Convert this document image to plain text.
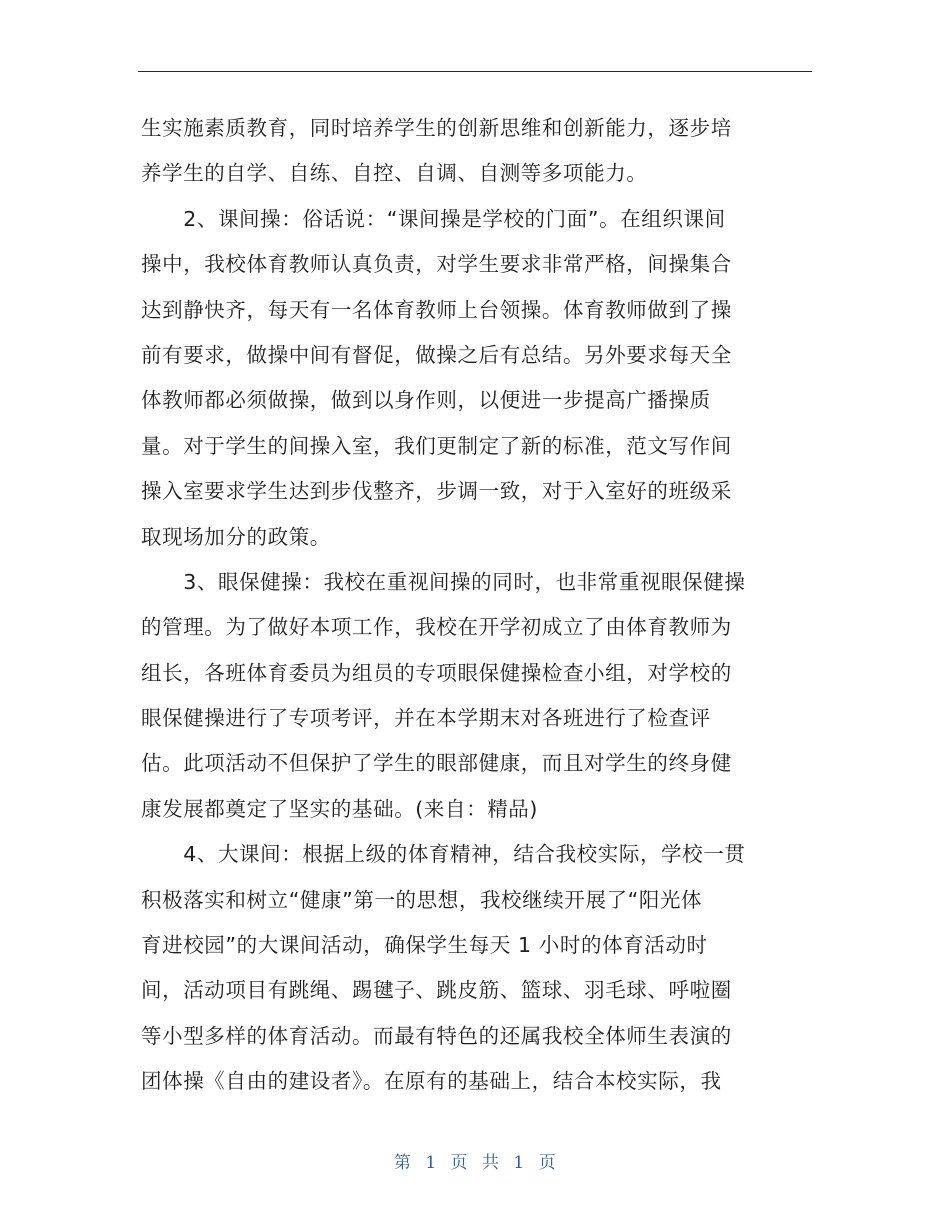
生实施素质教育，同时培养学生的创新思维和创新能力，逐步培
养学生的自学、自练、自控、自调、自测等多项能力。
　　2、课间操：俗话说：“课间操是学校的门面”。在组织课间
操中，我校体育教师认真负责，对学生要求非常严格，间操集合
达到静快齐，每天有一名体育教师上台领操。体育教师做到了操
前有要求，做操中间有督促，做操之后有总结。另外要求每天全
体教师都必须做操，做到以身作则，以便进一步提高广播操质
量。对于学生的间操入室，我们更制定了新的标准，范文写作间
操入室要求学生达到步伐整齐，步调一致，对于入室好的班级采
取现场加分的政策。
　　3、眼保健操：我校在重视间操的同时，也非常重视眼保健操
的管理。为了做好本项工作，我校在开学初成立了由体育教师为
组长，各班体育委员为组员的专项眼保健操检查小组，对学校的
眼保健操进行了专项考评，并在本学期末对各班进行了检查评
估。此项活动不但保护了学生的眼部健康，而且对学生的终身健
康发展都奠定了坚实的基础。(来自：精品)
　　4、大课间：根据上级的体育精神，结合我校实际，学校一贯
积极落实和树立“健康”第一的思想，我校继续开展了“阳光体
育进校园”的大课间活动，确保学生每天 1 小时的体育活动时
间，活动项目有跳绳、踢毽子、跳皮筋、篮球、羽毛球、呼啦圈
等小型多样的体育活动。而最有特色的还属我校全体师生表演的
团体操《自由的建设者》。在原有的基础上，结合本校实际，我
第 1 页 共 1 页
